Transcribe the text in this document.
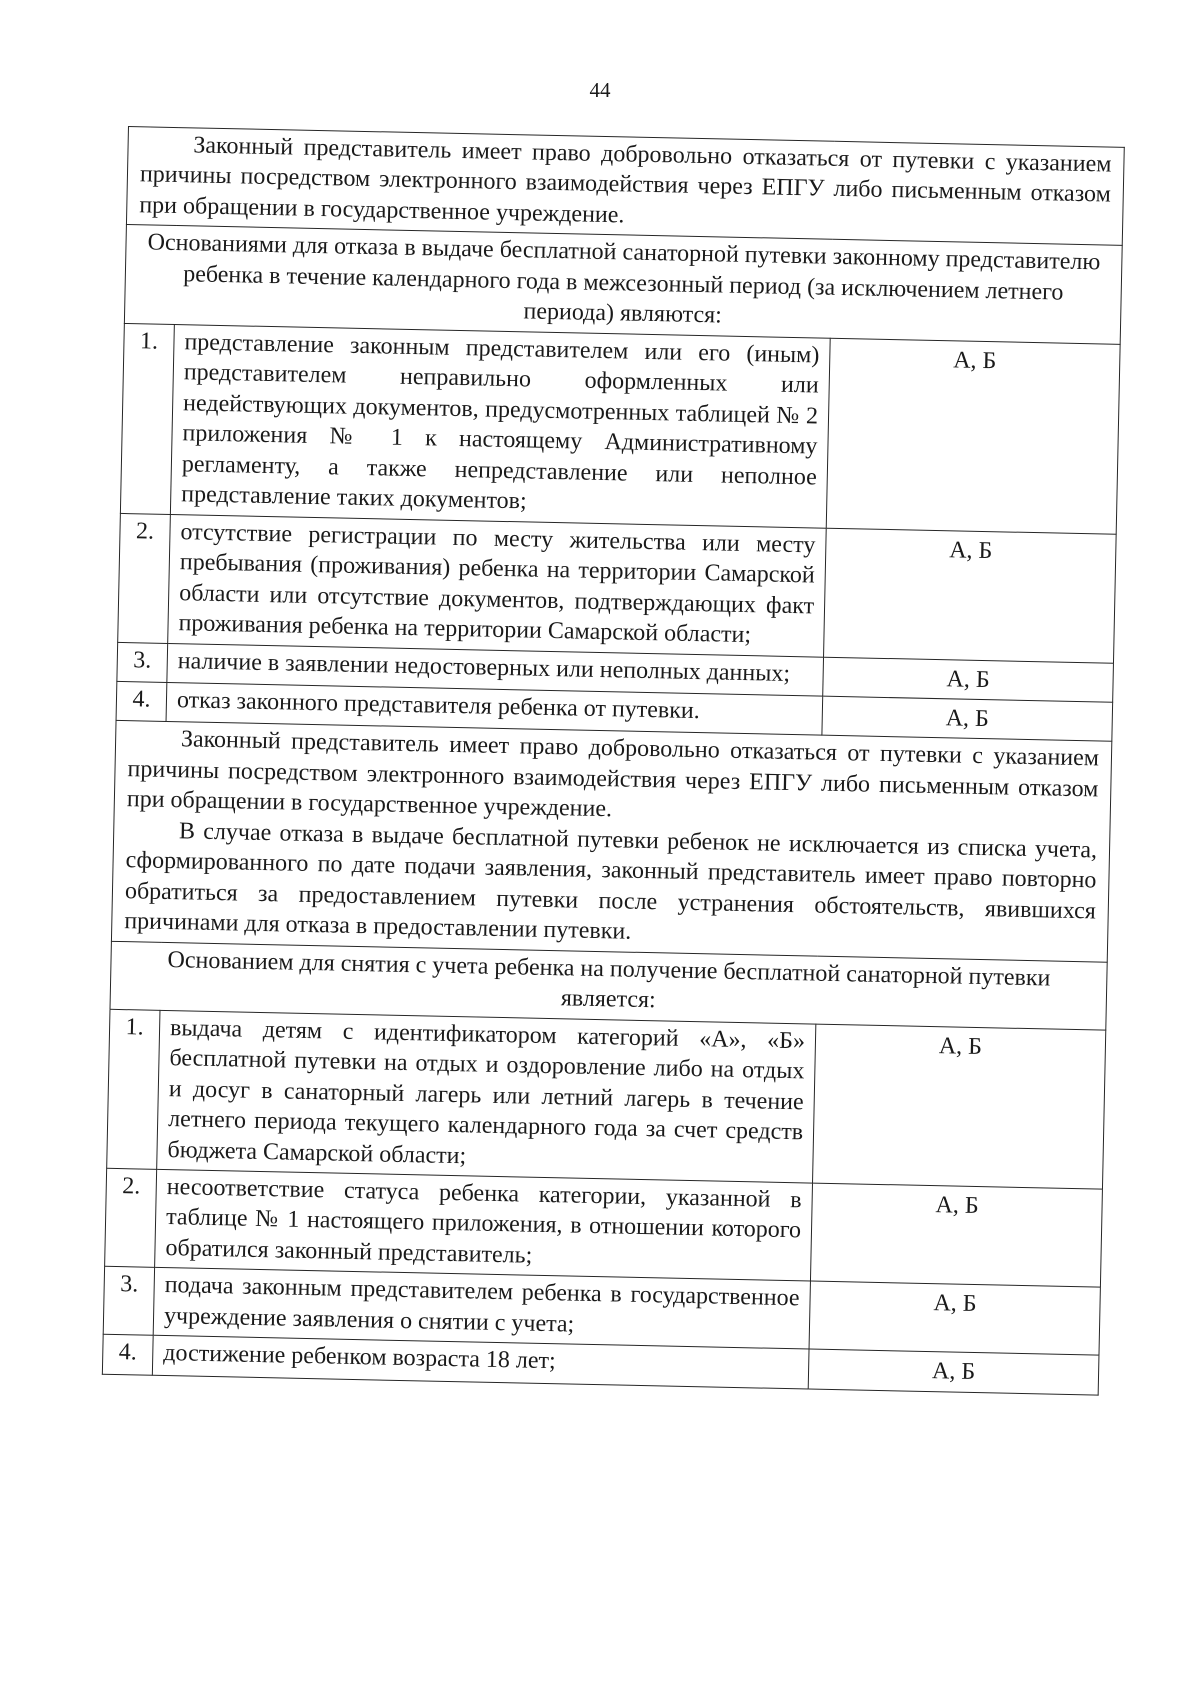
44

Законный представитель имеет право добровольно отказаться от путевки с указанием причины посредством электронного взаимодействия через ЕПГУ либо письменным отказом при обращении в государственное учреждение.		

Основаниями для отказа в выдаче бесплатной санаторной путевки законному представителю ребенка в течение календарного года в межсезонный период (за исключением летнего периода) являются:		
1.	представление законным представителем или его (иным) представителем неправильно оформленных или недействующих документов, предусмотренных таблицей № 2 приложения № 1 к настоящему Административному регламенту, а также непредставление или неполное представление таких документов;	А, Б
2.	отсутствие регистрации по месту жительства или месту пребывания (проживания) ребенка на территории Самарской области или отсутствие документов, подтверждающих факт проживания ребенка на территории Самарской области;	А, Б
3.	наличие в заявлении недостоверных или неполных данных;	А, Б
4.	отказ законного представителя ребенка от путевки.	А, Б

Законный представитель имеет право добровольно отказаться от путевки с указанием причины посредством электронного взаимодействия через ЕПГУ либо письменным отказом при обращении в государственное учреждение.

В случае отказа в выдаче бесплатной путевки ребенок не исключается из списка учета, сформированного по дате подачи заявления, законный представитель имеет право повторно обратиться за предоставлением путевки после устранения обстоятельств, явившихся причинами для отказа в предоставлении путевки.		

Основанием для снятия с учета ребенка на получение бесплатной санаторной путевки является:		
1.	выдача детям с идентификатором категорий «А», «Б» бесплатной путевки на отдых и оздоровление либо на отдых и досуг в санаторный лагерь или летний лагерь в течение летнего периода текущего календарного года за счет средств бюджета Самарской области;	А, Б
2.	несоответствие статуса ребенка категории, указанной в таблице № 1 настоящего приложения, в отношении которого обратился законный представитель;	А, Б
3.	подача законным представителем ребенка в государственное учреждение заявления о снятии с учета;	А, Б
4.	достижение ребенком возраста 18 лет;	А, Б
